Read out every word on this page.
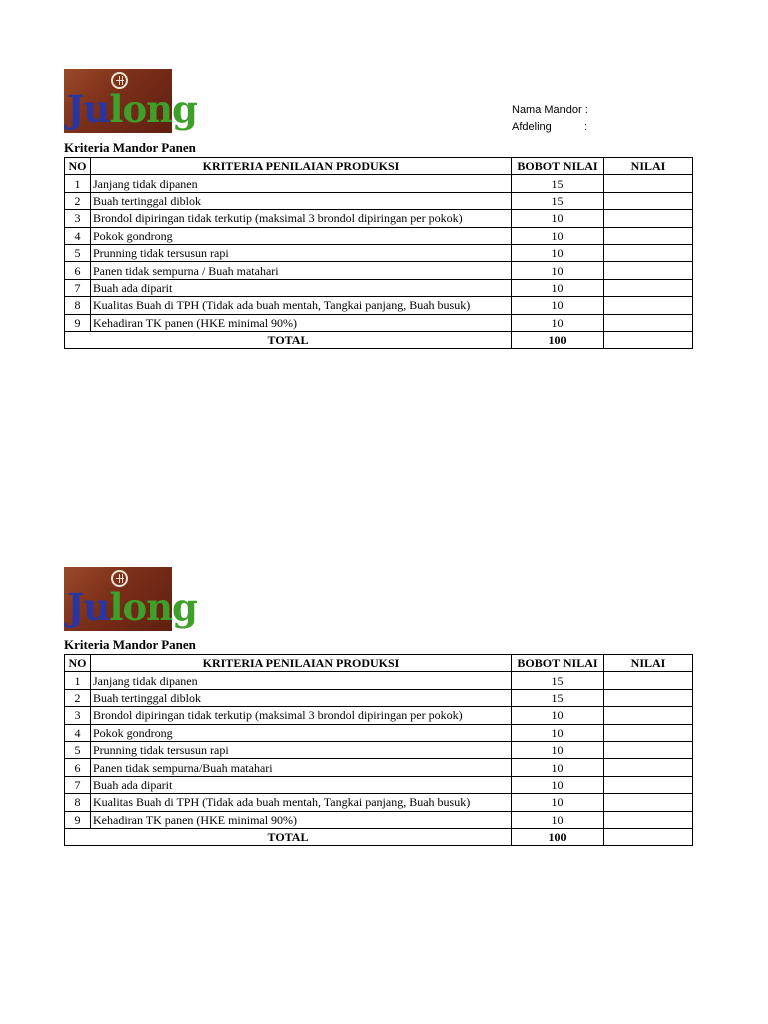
Julong	Nama Mandor :
Afdeling	:
Kriteria Mandor Panen
NO	KRITERIA PENILAIAN PRODUKSI	BOBOT NILAI	NILAI
1	Janjang tidak dipanen	15	
2	Buah tertinggal diblok	15	
3	Brondol dipiringan tidak terkutip (maksimal 3 brondol dipiringan per pokok)	10	
4	Pokok gondrong	10	
5	Prunning tidak tersusun rapi	10	
6	Panen tidak sempurna / Buah matahari	10	
7	Buah ada diparit	10	
8	Kualitas Buah di TPH (Tidak ada buah mentah, Tangkai panjang, Buah busuk)	10	
9	Kehadiran TK panen (HKE minimal 90%)	10	
TOTAL		100	
Julong
Kriteria Mandor Panen
NO	KRITERIA PENILAIAN PRODUKSI	BOBOT NILAI	NILAI
1	Janjang tidak dipanen	15	
2	Buah tertinggal diblok	15	
3	Brondol dipiringan tidak terkutip (maksimal 3 brondol dipiringan per pokok)	10	
4	Pokok gondrong	10	
5	Prunning tidak tersusun rapi	10	
6	Panen tidak sempurna/Buah matahari	10	
7	Buah ada diparit	10	
8	Kualitas Buah di TPH (Tidak ada buah mentah, Tangkai panjang, Buah busuk)	10	
9	Kehadiran TK panen (HKE minimal 90%)	10	
TOTAL		100	
